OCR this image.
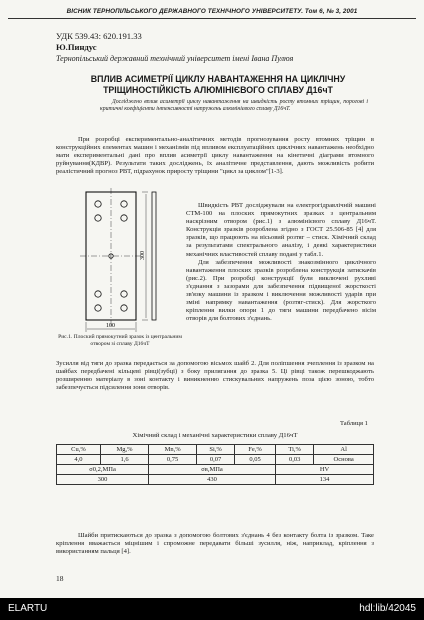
ВІСНИК ТЕРНОПІЛЬСЬКОГО ДЕРЖАВНОГО ТЕХНІЧНОГО УНІВЕРСИТЕТУ. Том 6, № 3, 2001
УДК 539.43: 620.191.33
Ю.Пиндус
Тернопільський державний технічний університет імені Івана Пулюя
ВПЛИВ АСИМЕТРІЇ ЦИКЛУ НАВАНТАЖЕННЯ НА ЦИКЛІЧНУ
ТРІЩИНОСТІЙКІСТЬ АЛЮМІНІЄВОГО СПЛАВУ Д16чТ
Досліджено вплив асиметрії циклу навантаження на швидкість росту втомних тріщин, порогові і критичні коефіцієнти інтенсивності напружень алюмінієвого сплаву Д16чТ.
При розробці експериментально-аналітичних методів прогнозування росту втомних тріщин в конструкційних елементах машин і механізмів під впливом експлуатаційних циклічних навантажень необхідно мати експериментальні дані про вплив асиметрії циклу навантаження на кінетичні діаграми втомного руйнування(КДВР). Результати таких досліджень, їх аналітичне представлення, дають можливість робити реалістичний прогноз РВТ, підрахунок приросту тріщини "цикл за циклом"[1-3].
300
100
Рис.1. Плоский прямокутний зразок із центральним отвором зі сплаву Д16чТ

Швидкість РВТ досліджували на електрогідравлічній машині СТМ-100 на плоских прямокутних зразках з центральним наскрізним отвором (рис.1) з алюмінієвого сплаву Д16чТ. Конструкція зразків розроблена згідно з ГОСТ 25.506-85 [4] для зразків, що працюють на вісьовий розтяг – стиск. Хімічний склад за результатами спектрального аналізу, і деякі характеристики механічних властивостей сплаву подані у табл.1.

Для забезпечення можливості знакозмінного циклічного навантаження плоских зразків розроблена конструкція затискачів (рис.2). При розробці конструкції були виключені рухливі з'єднання з зазорами для забезпечення підвищеної жорсткості зв'язку машини із зразком і виключення можливості ударів при зміні напрямку навантаження (розтяг-стиск). Для жорсткого кріплення вилки опори 1 до тяги машини передбачено вісім отворів для болтових з'єднань.

Зусилля від тяги до зразка передається за допомогою вісьмох шайб 2. Для поліпшення зчеплення із зразком на шайбах передбачені кільцеві рівці(зубці) з боку прилягання до зразка 5. Ці рівці також перешкоджають розширенню матеріалу в зоні контакту і виникненню стискувальних напружень поза цією зоною, тобто забезпечується підсилення зони отворів.
Таблиця 1
Хімічний склад і механічні характеристики сплаву Д16чТ
Cu,%	Mg,%	Mn,%	Si,%	Fe,%	Ti,%	Al
4,0	1,6	0,75	0,07	0,05	0,03	Основа
σ0,2,МПа		σв,МПа			HV	
300		430			134	
Шайби притискаються до зразка з допомогою болтових з'єднань 4 без контакту болта із зразком. Таке кріплення вважається міцнішим і спроможне передавати більші зусилля, ніж, наприклад, кріплення з використанням пальця [4].
18
ELARTU	hdl:lib/42045
